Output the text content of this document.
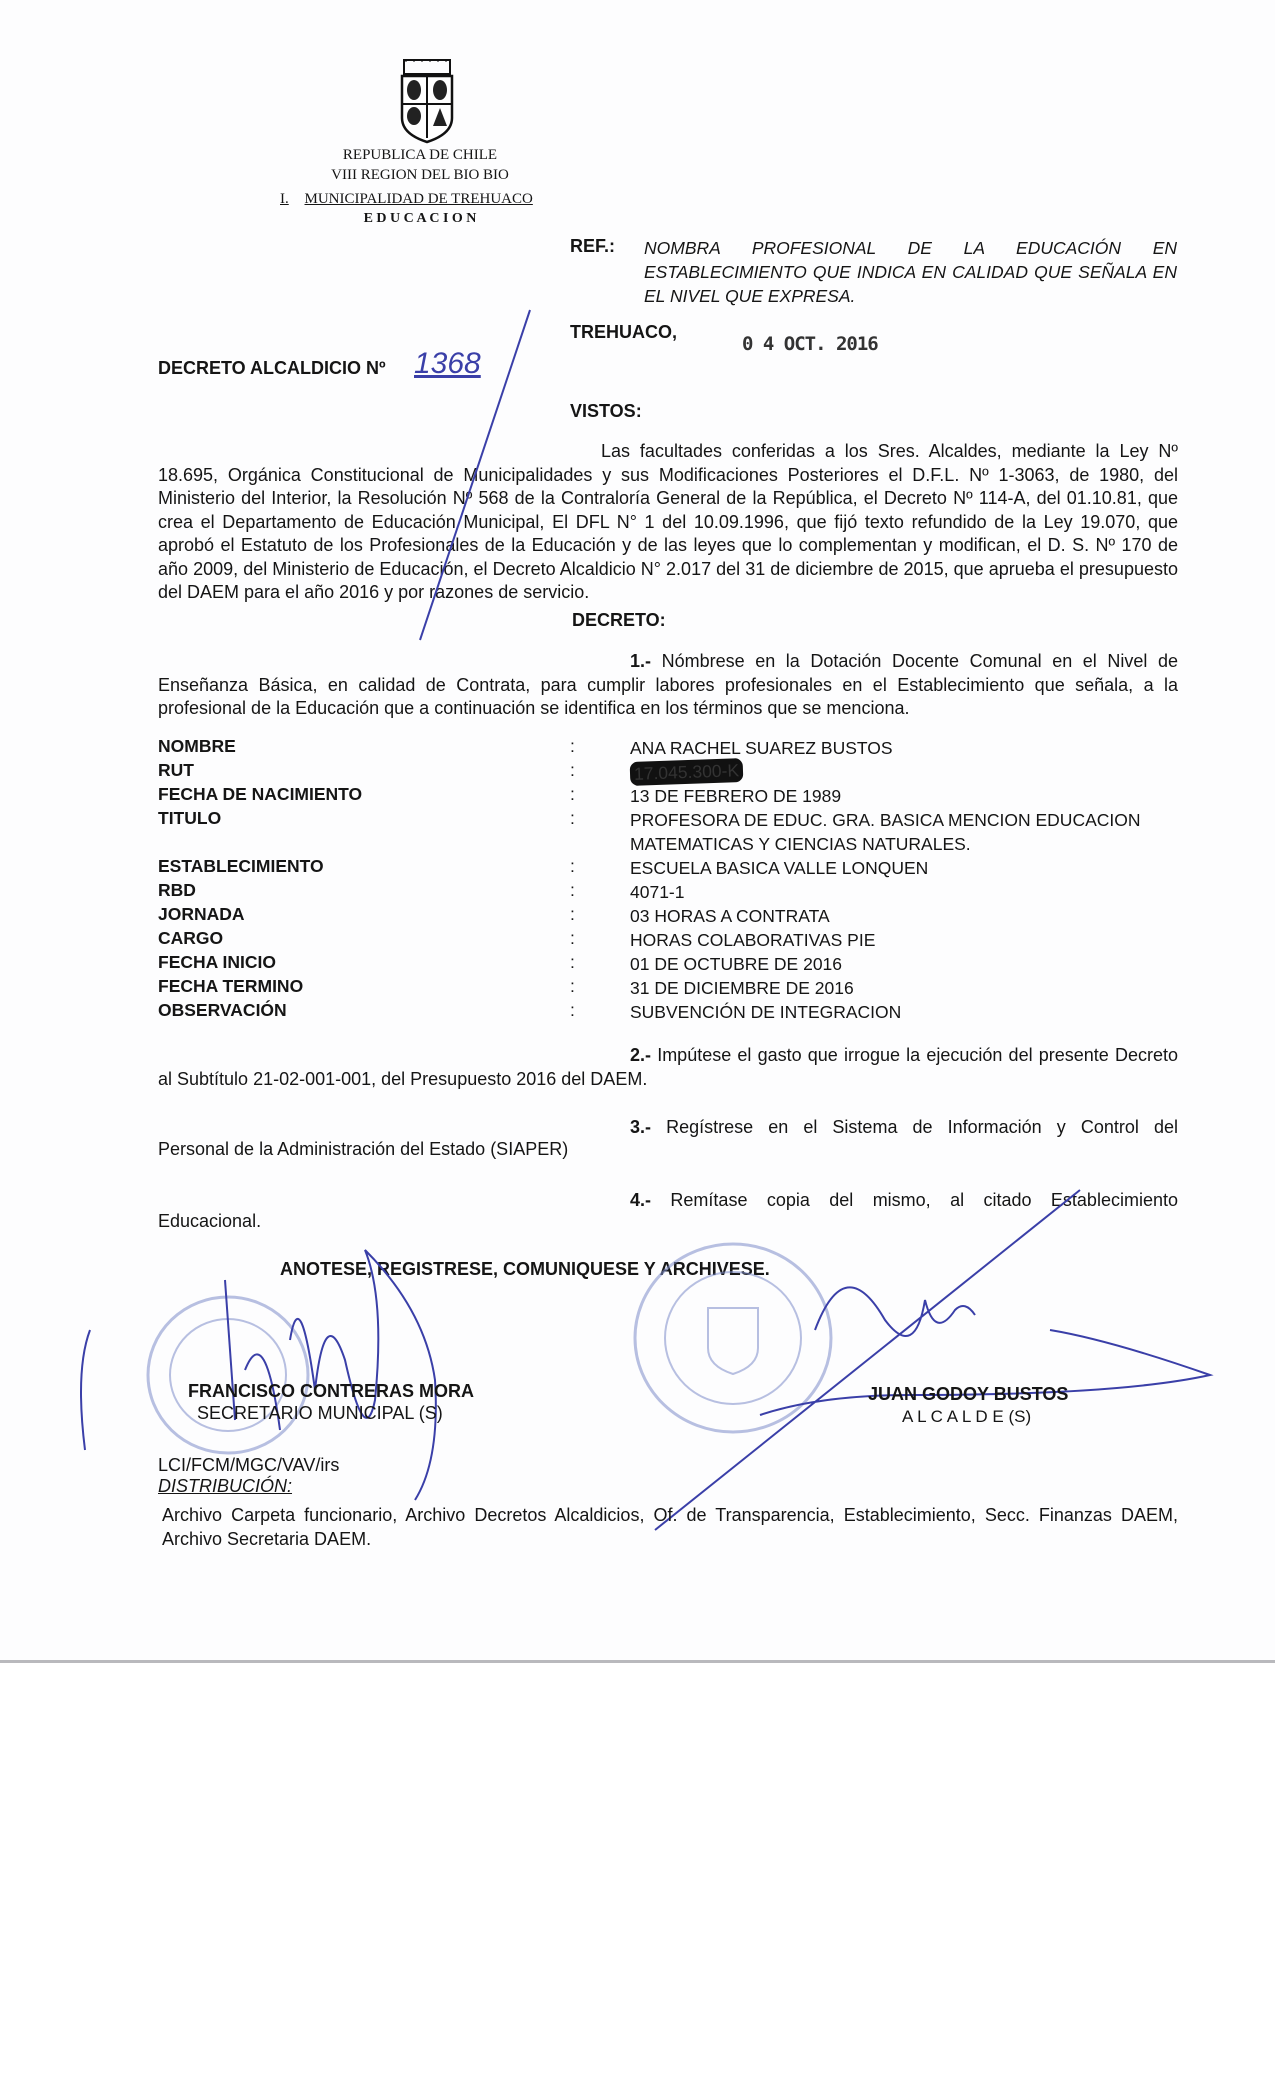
REPUBLICA DE CHILE
VIII REGION DEL BIO BIO
I. MUNICIPALIDAD DE TREHUACO
E D U C A C I O N
REF.: NOMBRA PROFESIONAL DE LA EDUCACIÓN EN ESTABLECIMIENTO QUE INDICA EN CALIDAD QUE SEÑALA EN EL NIVEL QUE EXPRESA.
TREHUACO,
0 4 OCT. 2016
DECRETO ALCALDICIO Nº 1368
VISTOS:
Las facultades conferidas a los Sres. Alcaldes, mediante la Ley Nº 18.695, Orgánica Constitucional de Municipalidades y sus Modificaciones Posteriores el D.F.L. Nº 1-3063, de 1980, del Ministerio del Interior, la Resolución Nº 568 de la Contraloría General de la República, el Decreto Nº 114-A, del 01.10.81, que crea el Departamento de Educación Municipal, El DFL N° 1 del 10.09.1996, que fijó texto refundido de la Ley 19.070, que aprobó el Estatuto de los Profesionales de la Educación y de las leyes que lo complementan y modifican, el D. S. Nº 170 de año 2009, del Ministerio de Educación, el Decreto Alcaldicio N° 2.017 del 31 de diciembre de 2015, que aprueba el presupuesto del DAEM para el año 2016 y por razones de servicio.
DECRETO:
1.- Nómbrese en la Dotación Docente Comunal en el Nivel de Enseñanza Básica, en calidad de Contrata, para cumplir labores profesionales en el Establecimiento que señala, a la profesional de la Educación que a continuación se identifica en los términos que se menciona.
NOMBRE	:	ANA RACHEL SUAREZ BUSTOS
RUT	:	17.045.300-K
FECHA DE NACIMIENTO	:	13 DE FEBRERO DE 1989
TITULO	:	PROFESORA DE EDUC. GRA. BASICA MENCION EDUCACION MATEMATICAS Y CIENCIAS NATURALES.
ESTABLECIMIENTO	:	ESCUELA BASICA VALLE LONQUEN
RBD	:	4071-1
JORNADA	:	03 HORAS A CONTRATA
CARGO	:	HORAS COLABORATIVAS PIE
FECHA INICIO	:	01 DE OCTUBRE DE 2016
FECHA TERMINO	:	31 DE DICIEMBRE DE 2016
OBSERVACIÓN	:	SUBVENCIÓN DE INTEGRACION
2.- Impútese el gasto que irrogue la ejecución del presente Decreto al Subtítulo 21-02-001-001, del Presupuesto 2016 del DAEM.
3.- Regístrese en el Sistema de Información y Control del
Personal de la Administración del Estado (SIAPER)
4.- Remítase copia del mismo, al citado Establecimiento
Educacional.
ANOTESE, REGISTRESE, COMUNIQUESE Y ARCHIVESE.
FRANCISCO CONTRERAS MORA
SECRETARIO MUNICIPAL (S)
JUAN GODOY BUSTOS
A L C A L D E (S)
LCI/FCM/MGC/VAV/irs
DISTRIBUCIÓN:
Archivo Carpeta funcionario, Archivo Decretos Alcaldicios, Of. de Transparencia, Establecimiento, Secc. Finanzas DAEM, Archivo Secretaria DAEM.
